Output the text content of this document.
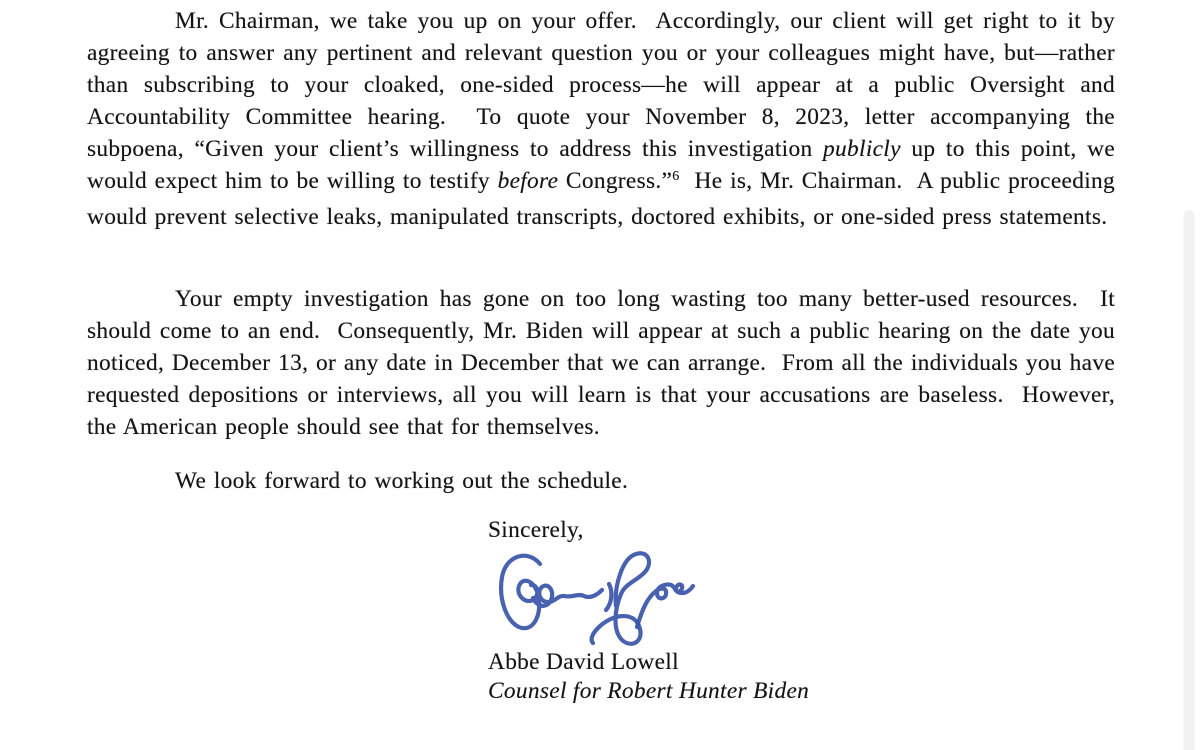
Mr. Chairman, we take you up on your offer.  Accordingly, our client will get right to it by agreeing to answer any pertinent and relevant question you or your colleagues might have, but—rather than subscribing to your cloaked, one-sided process—he will appear at a public Oversight and Accountability Committee hearing.  To quote your November 8, 2023, letter accompanying the subpoena, “Given your client’s willingness to address this investigation publicly up to this point, we would expect him to be willing to testify before Congress.”$^6$  He is, Mr. Chairman.  A public proceeding would prevent selective leaks, manipulated transcripts, doctored exhibits, or one-sided press statements.

Your empty investigation has gone on too long wasting too many better-used resources.  It should come to an end.  Consequently, Mr. Biden will appear at such a public hearing on the date you noticed, December 13, or any date in December that we can arrange.  From all the individuals you have requested depositions or interviews, all you will learn is that your accusations are baseless.  However, the American people should see that for themselves.

We look forward to working out the schedule.

Sincerely,
Abbe David Lowell
Counsel for Robert Hunter Biden
